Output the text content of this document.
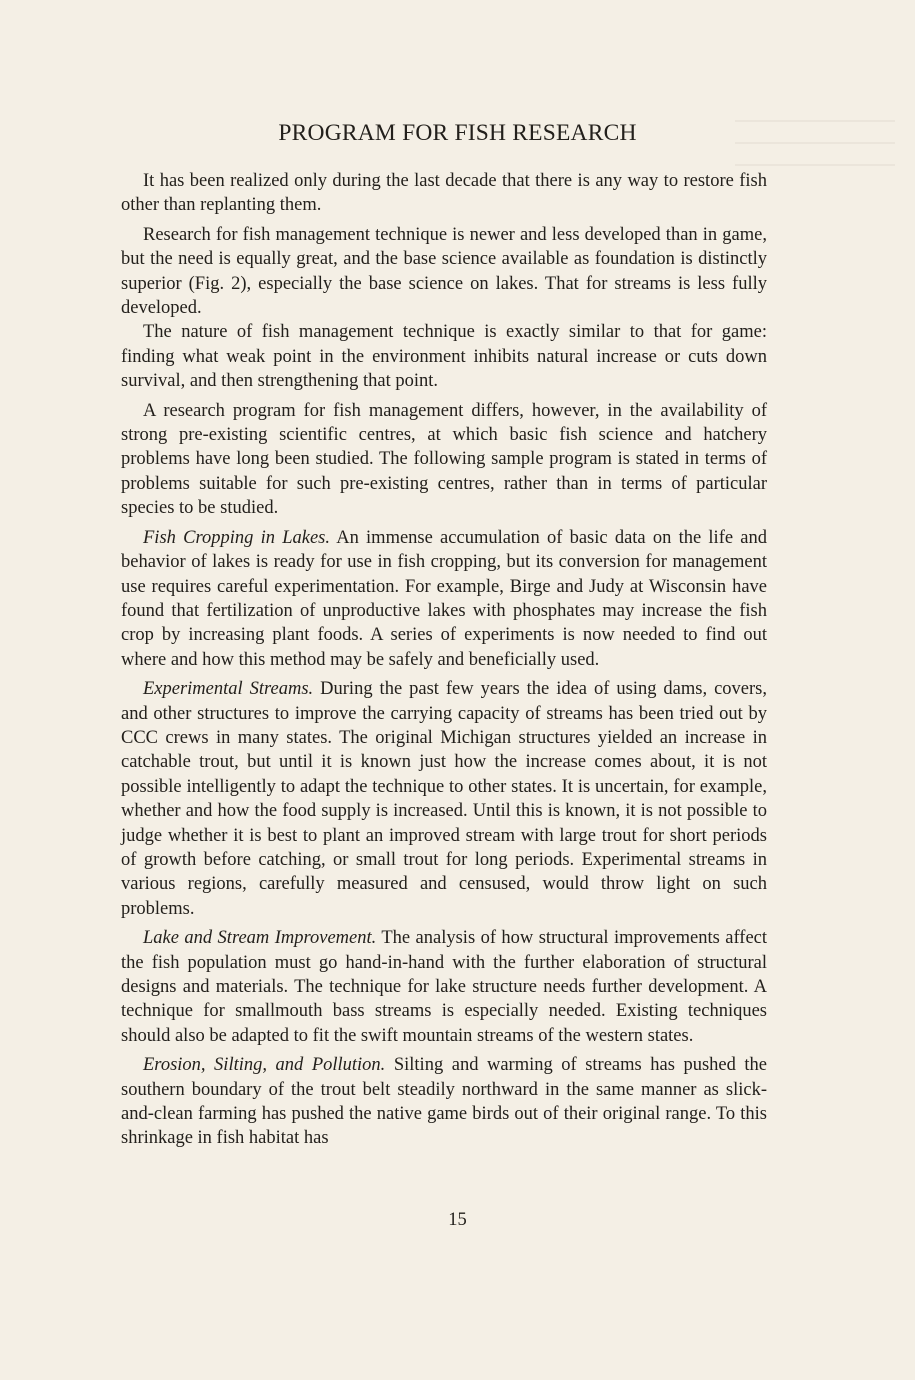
PROGRAM FOR FISH RESEARCH

It has been realized only during the last decade that there is any way to restore fish other than replanting them.

Research for fish management technique is newer and less developed than in game, but the need is equally great, and the base science available as foundation is distinctly superior (Fig. 2), especially the base science on lakes. That for streams is less fully developed.

The nature of fish management technique is exactly similar to that for game: finding what weak point in the environment inhibits natural increase or cuts down survival, and then strengthening that point.

A research program for fish management differs, however, in the availability of strong pre-existing scientific centres, at which basic fish science and hatchery problems have long been studied. The following sample program is stated in terms of problems suitable for such pre-existing centres, rather than in terms of particular species to be studied.

Fish Cropping in Lakes. An immense accumulation of basic data on the life and behavior of lakes is ready for use in fish cropping, but its conversion for management use requires careful experimentation. For example, Birge and Judy at Wisconsin have found that fertilization of unproductive lakes with phosphates may increase the fish crop by increasing plant foods. A series of experiments is now needed to find out where and how this method may be safely and beneficially used.

Experimental Streams. During the past few years the idea of using dams, covers, and other structures to improve the carrying capacity of streams has been tried out by CCC crews in many states. The original Michigan structures yielded an increase in catchable trout, but until it is known just how the increase comes about, it is not possible intelligently to adapt the technique to other states. It is uncertain, for example, whether and how the food supply is increased. Until this is known, it is not possible to judge whether it is best to plant an improved stream with large trout for short periods of growth before catching, or small trout for long periods. Experimental streams in various regions, carefully measured and censused, would throw light on such problems.

Lake and Stream Improvement. The analysis of how structural improvements affect the fish population must go hand-in-hand with the further elaboration of structural designs and materials. The technique for lake structure needs further development. A technique for smallmouth bass streams is especially needed. Existing techniques should also be adapted to fit the swift mountain streams of the western states.

Erosion, Silting, and Pollution. Silting and warming of streams has pushed the southern boundary of the trout belt steadily northward in the same manner as slick-and-clean farming has pushed the native game birds out of their original range. To this shrinkage in fish habitat has

15
